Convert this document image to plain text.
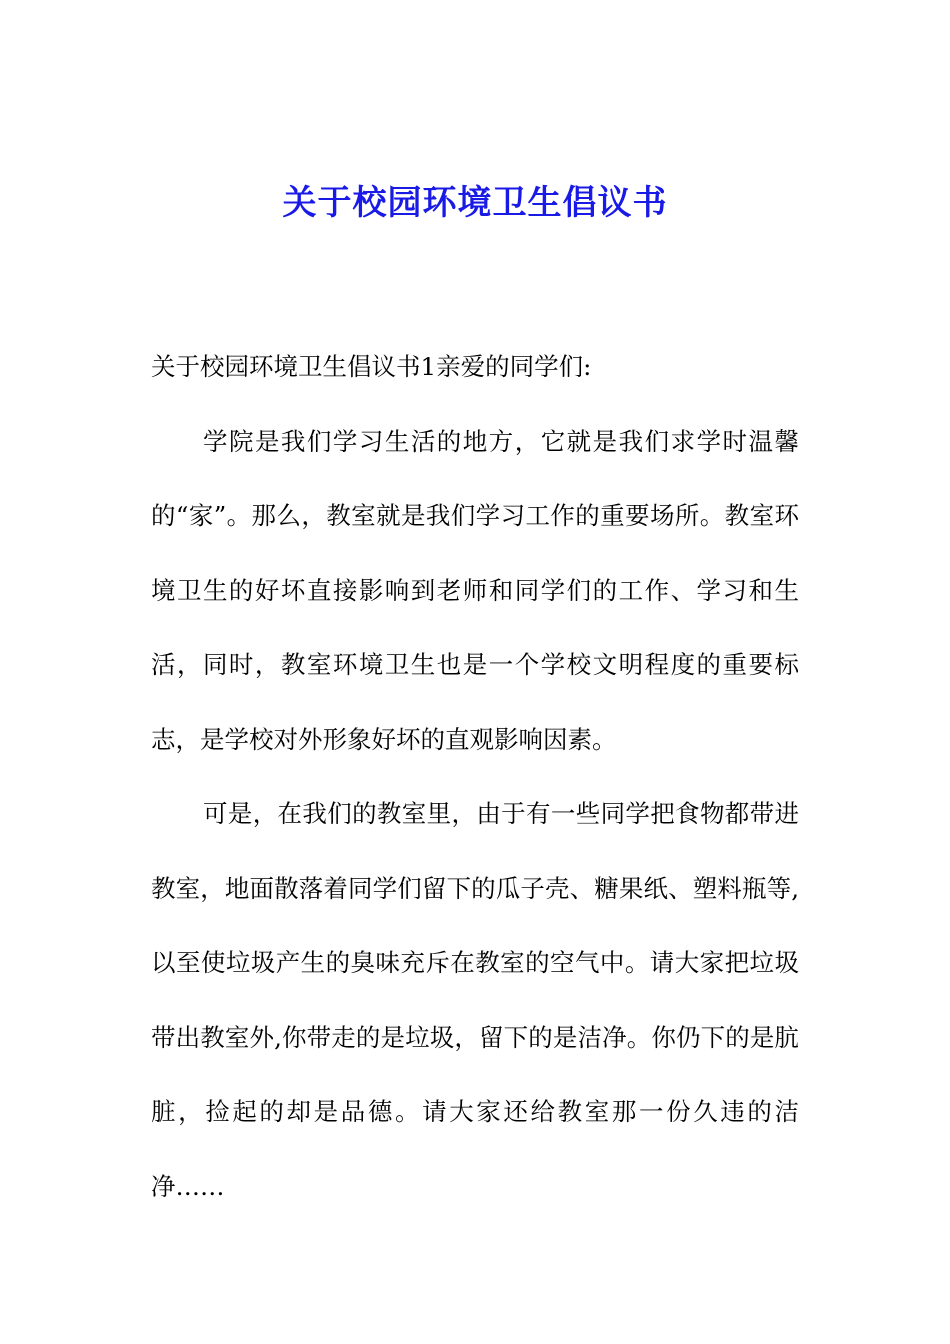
关于校园环境卫生倡议书

关于校园环境卫生倡议书1亲爱的同学们:

学院是我们学习生活的地方，它就是我们求学时温馨的“家”。那么，教室就是我们学习工作的重要场所。教室环境卫生的好坏直接影响到老师和同学们的工作、学习和生活，同时，教室环境卫生也是一个学校文明程度的重要标志，是学校对外形象好坏的直观影响因素。

可是，在我们的教室里，由于有一些同学把食物都带进教室，地面散落着同学们留下的瓜子壳、糖果纸、塑料瓶等,以至使垃圾产生的臭味充斥在教室的空气中。请大家把垃圾带出教室外,你带走的是垃圾，留下的是洁净。你仍下的是肮脏，捡起的却是品德。请大家还给教室那一份久违的洁净……
